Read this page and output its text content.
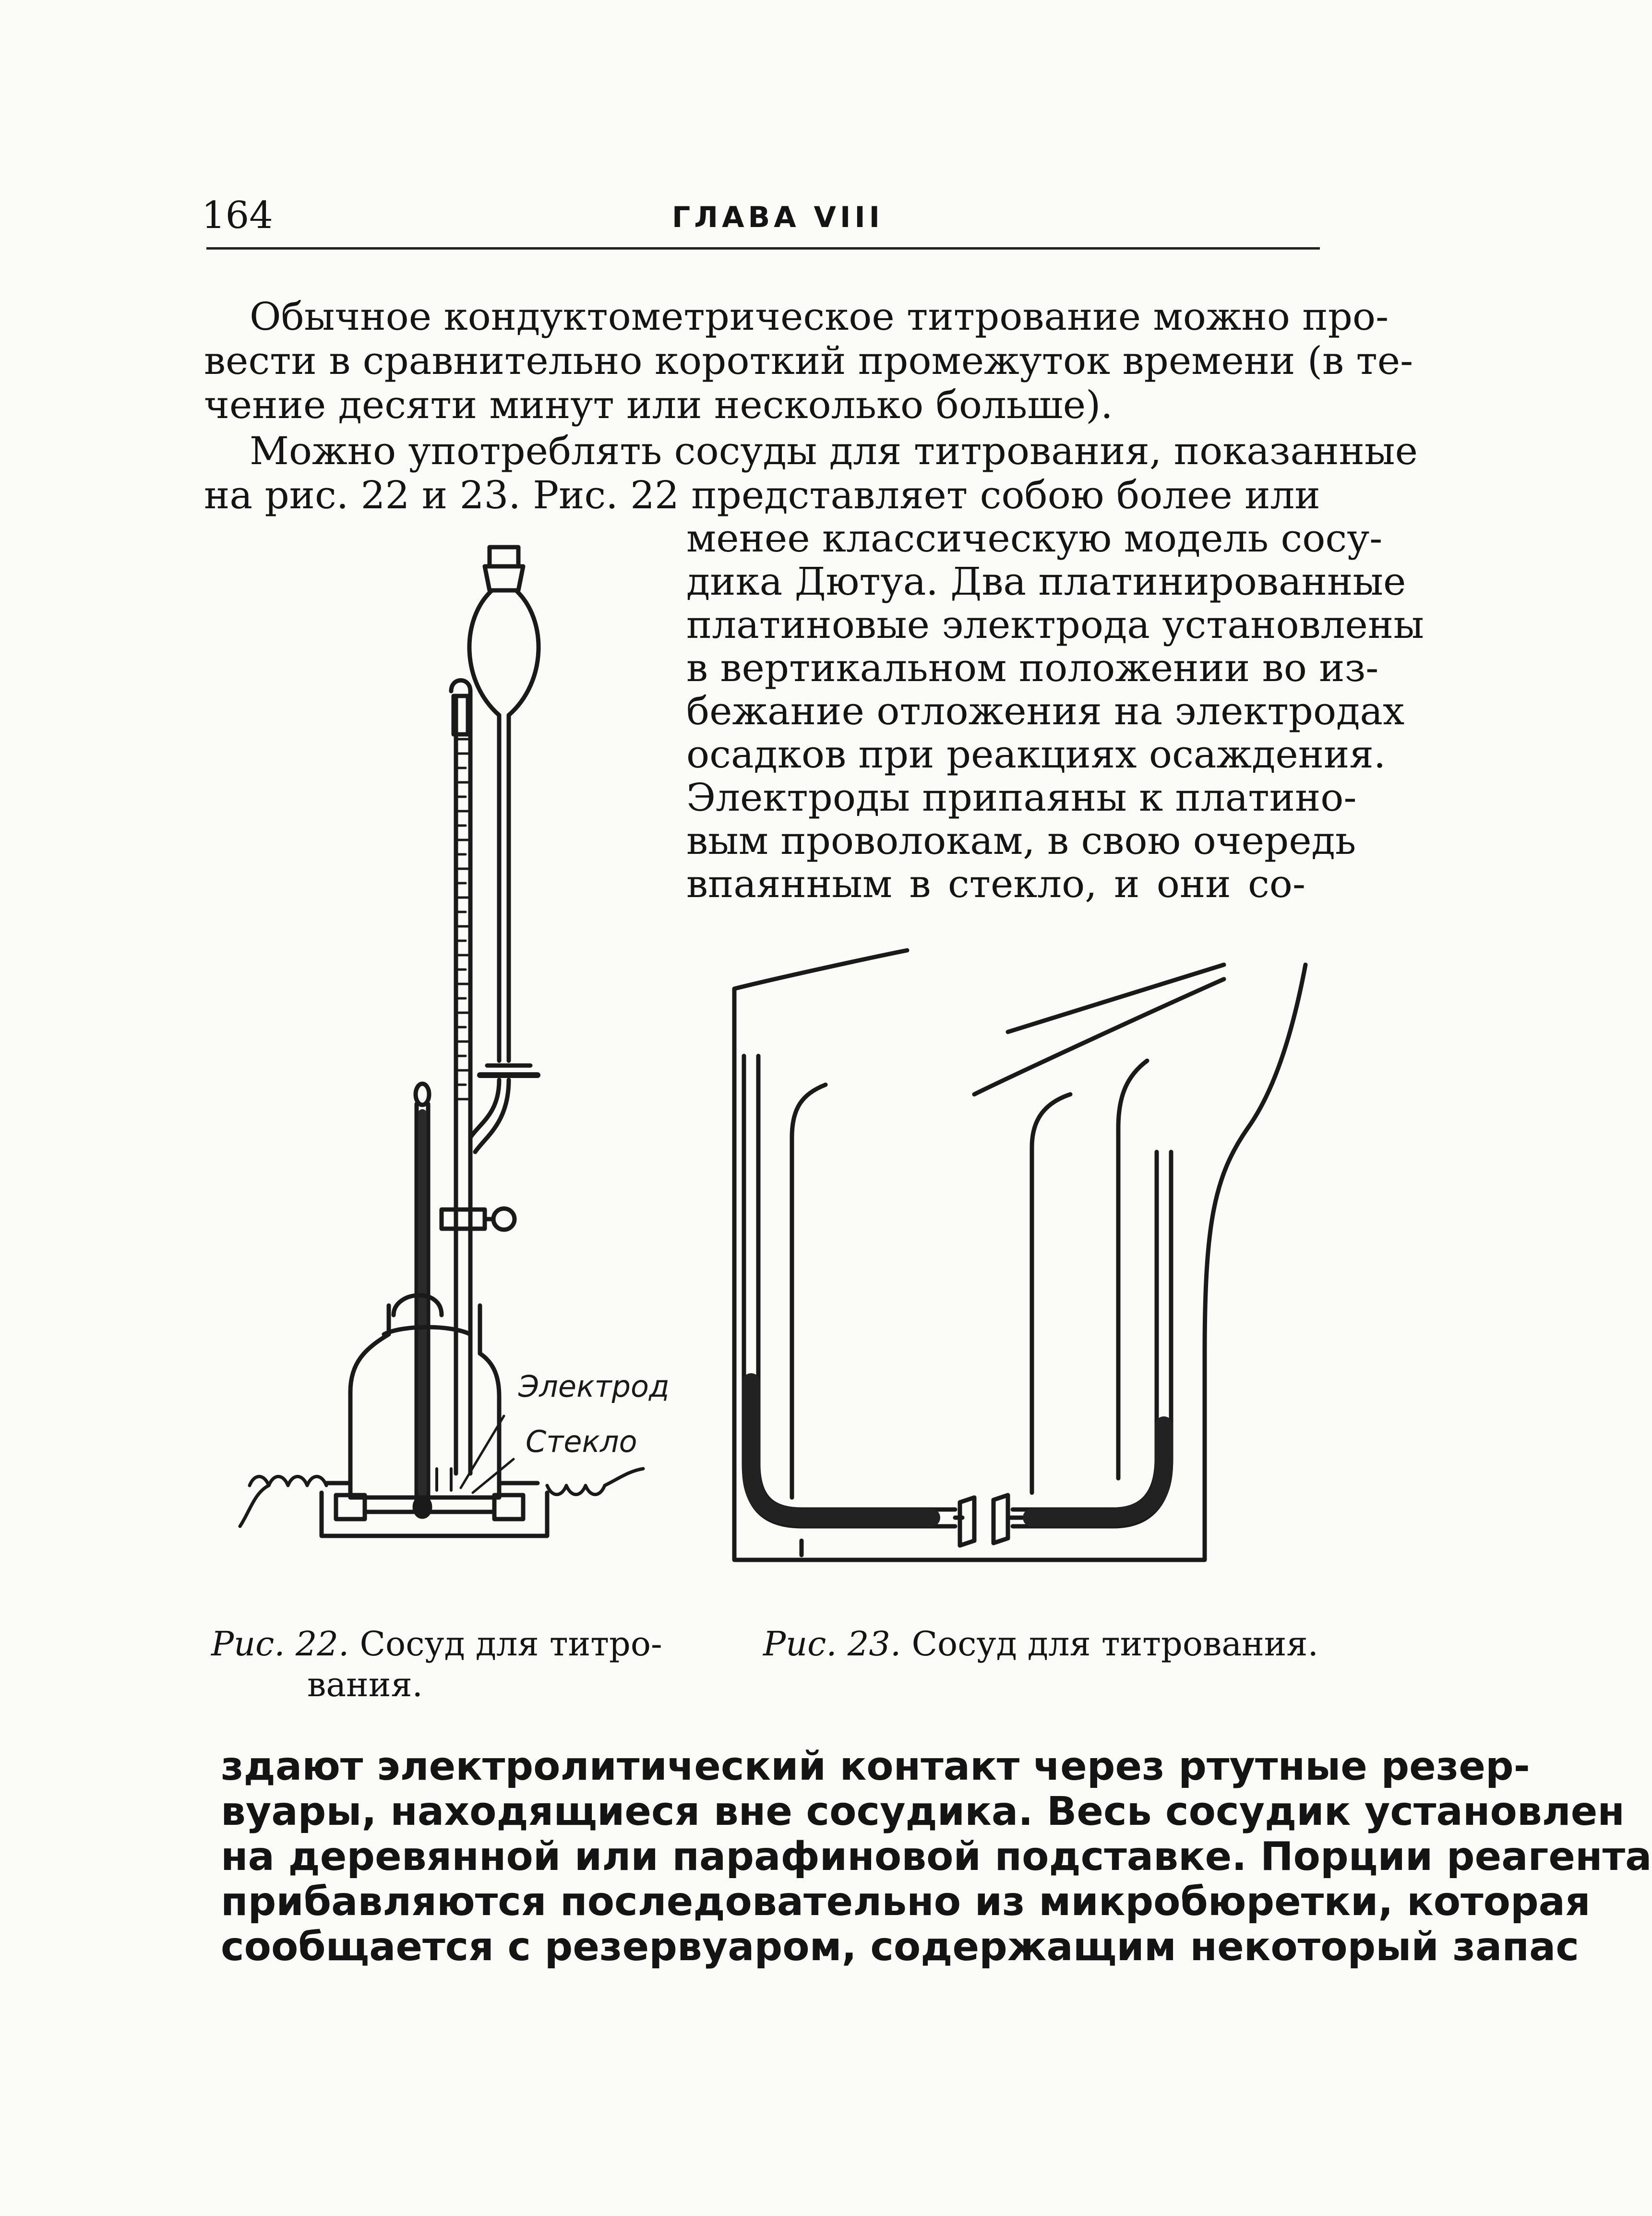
164	ГЛАВА VIII
Обычное кондуктометрическое титрование можно про-
вести в сравнительно короткий промежуток времени (в те-
чение десяти минут или несколько больше).
Можно употреблять сосуды для титрования, показанные
на рис. 22 и 23. Рис. 22 представляет собою более или
менее классическую модель сосу-
дика Дютуа. Два платинированные
платиновые электрода установлены
в вертикальном положении во из-
бежание отложения на электродах
осадков при реакциях осаждения.
Электроды припаяны к платино-
вым проволокам, в свою очередь
впаянным в стекло, и они со-
Электрод
Стекло
Рис. 22. Сосуд для титро-
вания.
Рис. 23. Сосуд для титрования.
здают электролитический контакт через ртутные резер-
вуары, находящиеся вне сосудика. Весь сосудик установлен
на деревянной или парафиновой подставке. Порции реагента
прибавляются последовательно из микробюретки, которая
сообщается с резервуаром, содержащим некоторый запас
